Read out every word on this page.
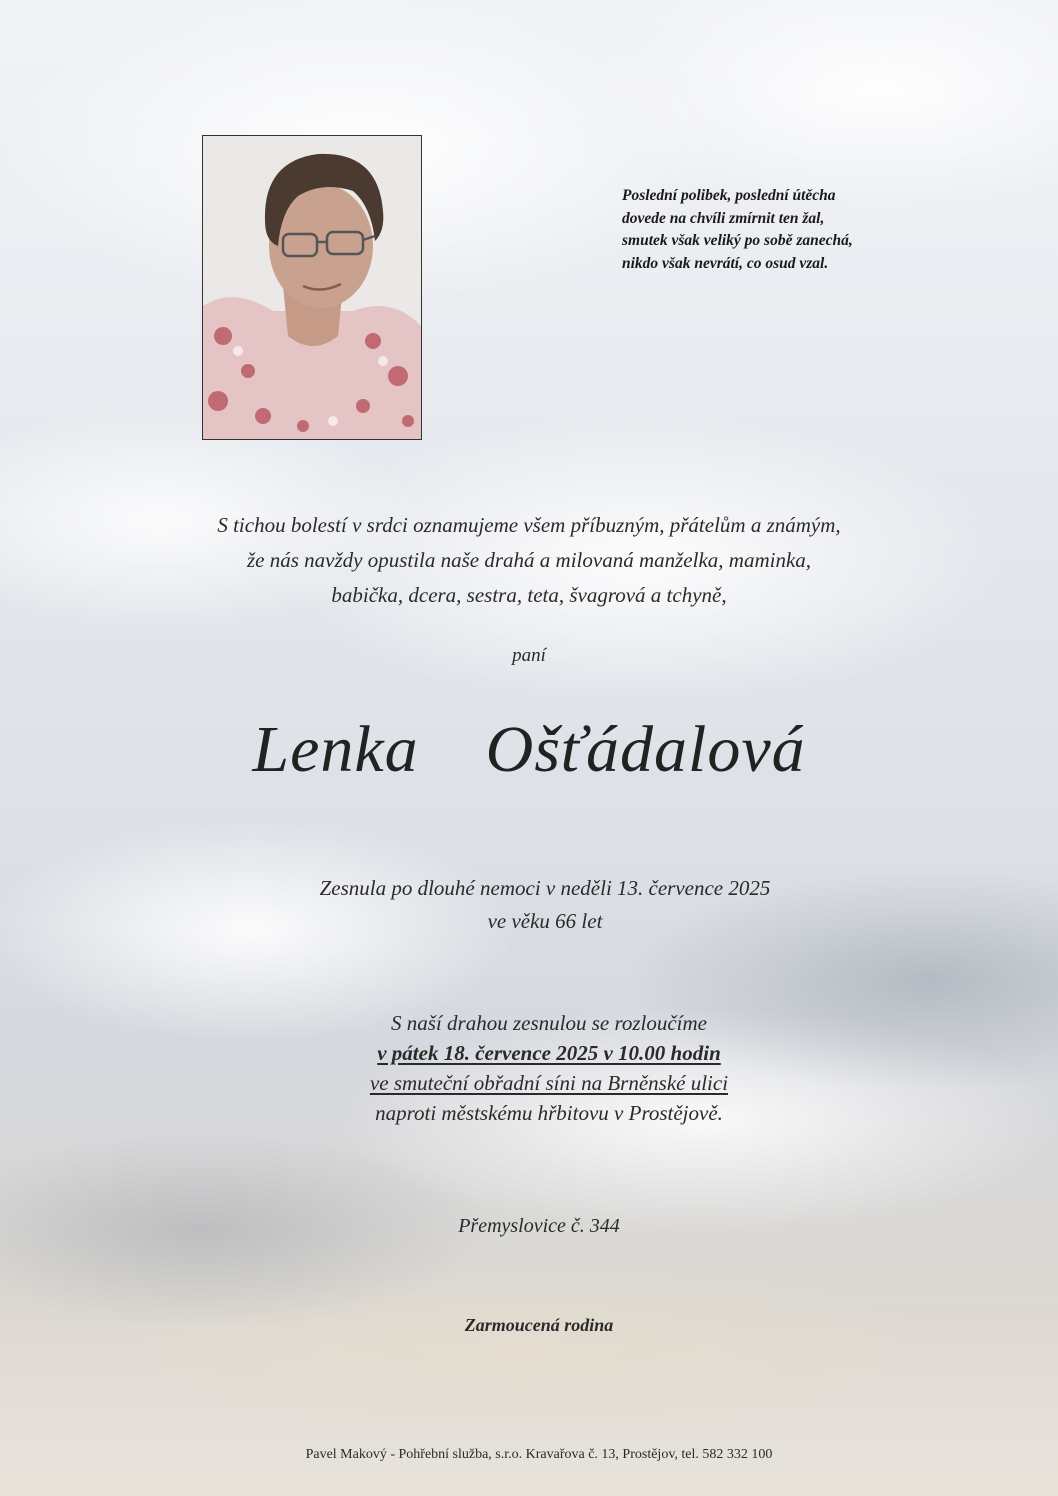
Poslední polibek, poslední útěcha
dovede na chvíli zmírnit ten žal,
smutek však veliký po sobě zanechá,
nikdo však nevrátí, co osud vzal.
S tichou bolestí v srdci oznamujeme všem příbuzným, přátelům a známým,
že nás navždy opustila naše drahá a milovaná manželka, maminka,
babička, dcera, sestra, teta, švagrová a tchyně,
paní
Lenka  Ošťádalová
Zesnula po dlouhé nemoci v neděli 13. července 2025
ve věku 66 let
S naší drahou zesnulou se rozloučíme
v pátek 18. července 2025 v 10.00 hodin
ve smuteční obřadní síni na Brněnské ulici
naproti městskému hřbitovu v Prostějově.
Přemyslovice č. 344
Zarmoucená rodina
Pavel Makový - Pohřební služba, s.r.o. Kravařova č. 13, Prostějov, tel. 582 332 100
